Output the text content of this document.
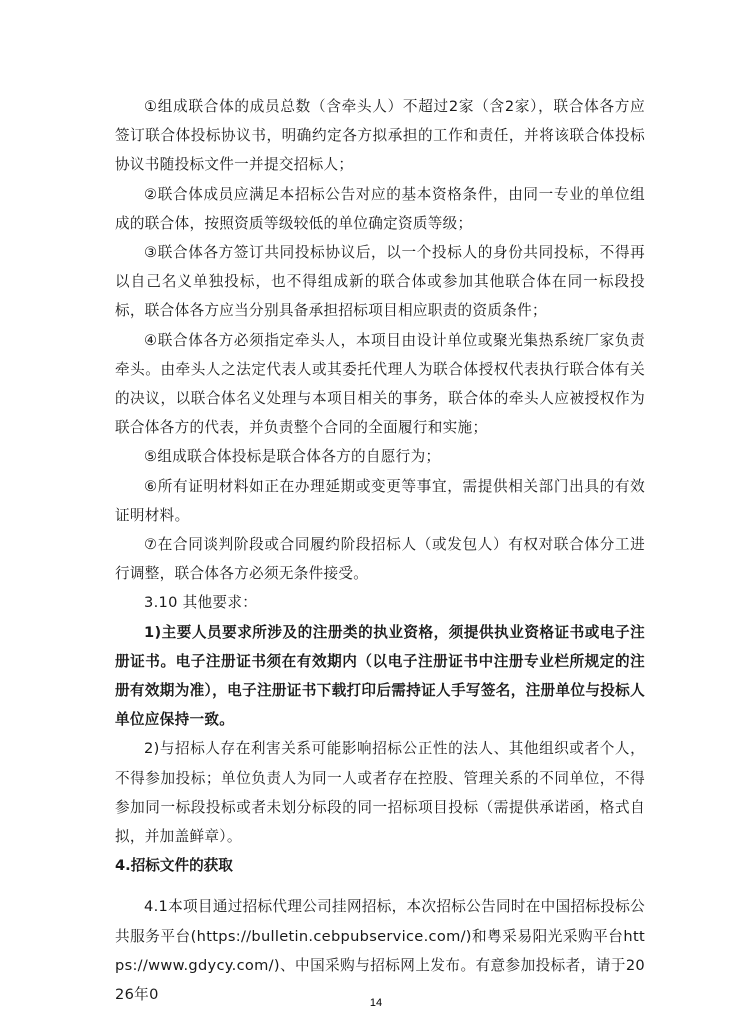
①组成联合体的成员总数（含牵头人）不超过2家（含2家），联合体各方应签订联合体投标协议书，明确约定各方拟承担的工作和责任，并将该联合体投标协议书随投标文件一并提交招标人；

②联合体成员应满足本招标公告对应的基本资格条件，由同一专业的单位组成的联合体，按照资质等级较低的单位确定资质等级；

③联合体各方签订共同投标协议后，以一个投标人的身份共同投标，不得再以自己名义单独投标，也不得组成新的联合体或参加其他联合体在同一标段投标，联合体各方应当分别具备承担招标项目相应职责的资质条件；

④联合体各方必须指定牵头人，本项目由设计单位或聚光集热系统厂家负责牵头。由牵头人之法定代表人或其委托代理人为联合体授权代表执行联合体有关的决议，以联合体名义处理与本项目相关的事务，联合体的牵头人应被授权作为联合体各方的代表，并负责整个合同的全面履行和实施；

⑤组成联合体投标是联合体各方的自愿行为；

⑥所有证明材料如正在办理延期或变更等事宜，需提供相关部门出具的有效证明材料。

⑦在合同谈判阶段或合同履约阶段招标人（或发包人）有权对联合体分工进行调整，联合体各方必须无条件接受。

3.10 其他要求：

1)主要人员要求所涉及的注册类的执业资格，须提供执业资格证书或电子注册证书。电子注册证书须在有效期内（以电子注册证书中注册专业栏所规定的注册有效期为准），电子注册证书下载打印后需持证人手写签名，注册单位与投标人单位应保持一致。

2)与招标人存在利害关系可能影响招标公正性的法人、其他组织或者个人，不得参加投标；单位负责人为同一人或者存在控股、管理关系的不同单位，不得参加同一标段投标或者未划分标段的同一招标项目投标（需提供承诺函，格式自拟，并加盖鲜章）。

4.招标文件的获取

4.1本项目通过招标代理公司挂网招标，本次招标公告同时在中国招标投标公共服务平台(https://bulletin.cebpubservice.com/)和粤采易阳光采购平台https://www.gdycy.com/)、中国采购与招标网上发布。有意参加投标者，请于2026年0	14
